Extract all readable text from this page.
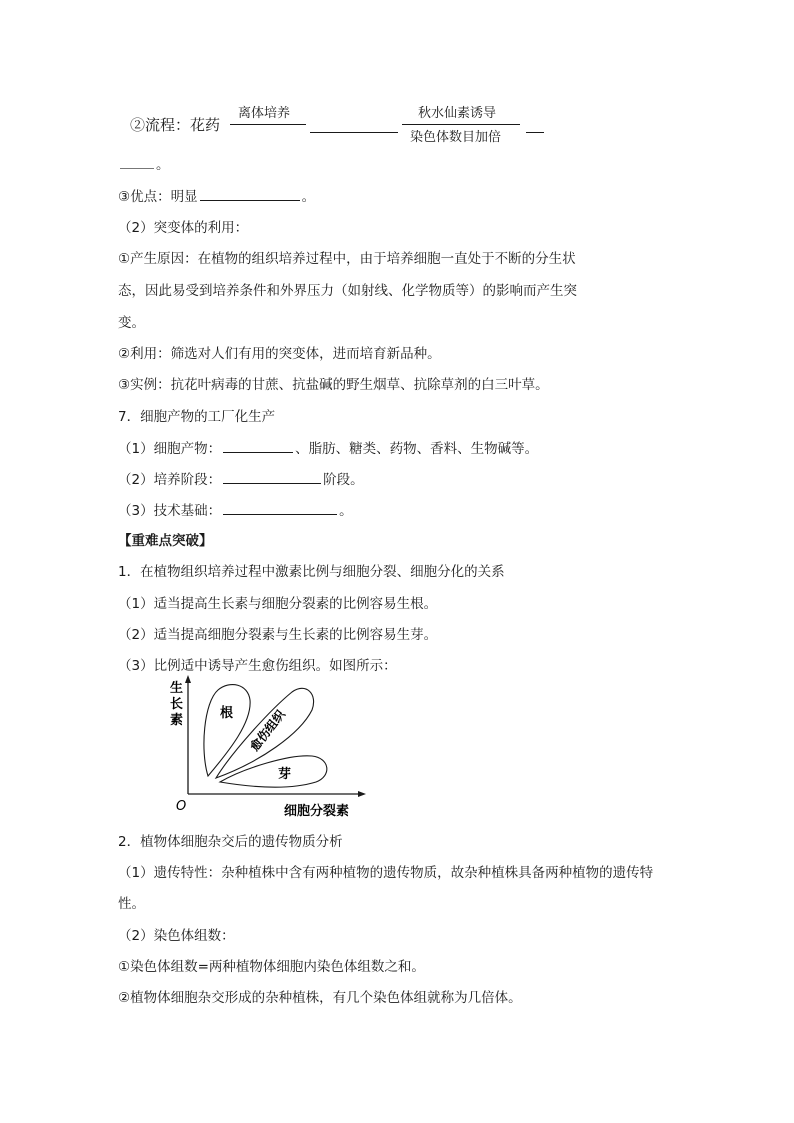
②流程：花药
离体培养	秋水仙素诱导
染色体数目加倍
。
③优点：明显	。
（2）突变体的利用：
①产生原因：在植物的组织培养过程中，由于培养细胞一直处于不断的分生状
态，因此易受到培养条件和外界压力（如射线、化学物质等）的影响而产生突
变。
②利用：筛选对人们有用的突变体，进而培育新品种。
③实例：抗花叶病毒的甘蔗、抗盐碱的野生烟草、抗除草剂的白三叶草。
7．细胞产物的工厂化生产
（1）细胞产物：	、脂肪、糖类、药物、香料、生物碱等。
（2）培养阶段：	阶段。
（3）技术基础：	。
【重难点突破】
1．在植物组织培养过程中激素比例与细胞分裂、细胞分化的关系
（1）适当提高生长素与细胞分裂素的比例容易生根。
（2）适当提高细胞分裂素与生长素的比例容易生芽。
（3）比例适中诱导产生愈伤组织。如图所示：
根 愈伤组织
芽
生
长
素
O	细胞分裂素
2．植物体细胞杂交后的遗传物质分析
（1）遗传特性：杂种植株中含有两种植物的遗传物质，故杂种植株具备两种植物的遗传特
性。
（2）染色体组数：
①染色体组数=两种植物体细胞内染色体组数之和。
②植物体细胞杂交形成的杂种植株，有几个染色体组就称为几倍体。
